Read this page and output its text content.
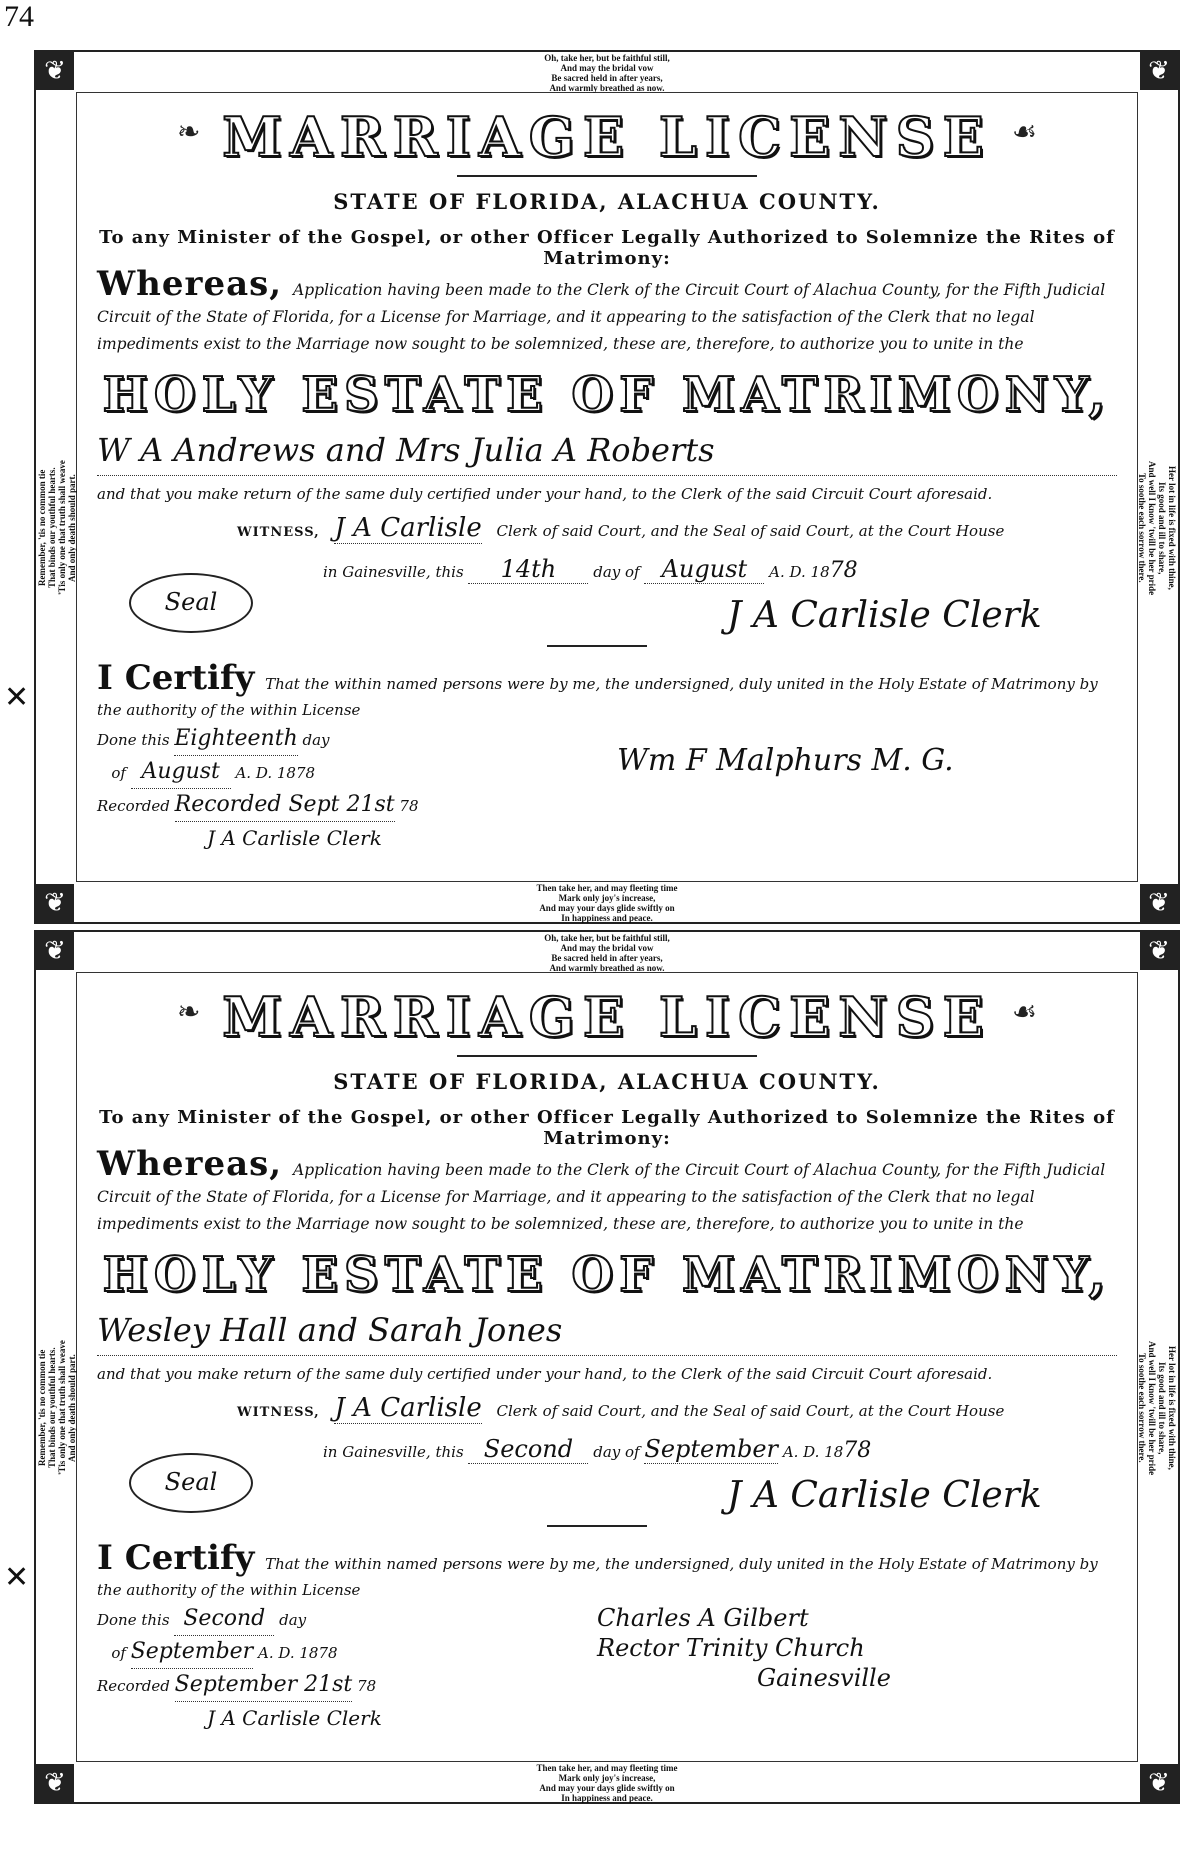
74
❦	❦
❦	❦
Oh, take her, but be faithful still,
And may the bridal vow
Be sacred held in after years,
And warmly breathed as now.
Then take her, and may fleeting time
Mark only joy's increase,
And may your days glide swiftly on
In happiness and peace.
Remember, 'tis no common tie
That binds our youthful hearts.
'Tis only one that truth shall weave
And only death should part.
Her lot in life is fixed with thine,
Its good and ill to share,
And well I know 'twill be her pride
To soothe each sorrow there.
❧	☙
MARRIAGE LICENSE
STATE OF FLORIDA, ALACHUA COUNTY.
To any Minister of the Gospel, or other Officer Legally Authorized to Solemnize the Rites of Matrimony:
Whereas, Application having been made to the Clerk of the Circuit Court of Alachua County, for the Fifth Judicial Circuit of the State of Florida, for a License for Marriage, and it appearing to the satisfaction of the Clerk that no legal impediments exist to the Marriage now sought to be solemnized, these are, therefore, to authorize you to unite in the
HOLY ESTATE OF MATRIMONY,
W A Andrews and Mrs Julia A Roberts
and that you make return of the same duly certified under your hand, to the Clerk of the said Circuit Court aforesaid.
WITNESS, J A Carlisle Clerk of said Court, and the Seal of said Court, at the Court House
in Gainesville, this 14th day of August A. D. 1878
Seal	J A Carlisle Clerk
I Certify That the within named persons were by me, the undersigned, duly united in the Holy Estate of Matrimony by the authority of the within License
Done this Eighteenth day
of August A. D. 1878
Recorded Recorded Sept 21st 78
J A Carlisle Clerk
Wm F Malphurs M. G.
✕
❦	❦
❦	❦
Oh, take her, but be faithful still,
And may the bridal vow
Be sacred held in after years,
And warmly breathed as now.
Then take her, and may fleeting time
Mark only joy's increase,
And may your days glide swiftly on
In happiness and peace.
Remember, 'tis no common tie
That binds our youthful hearts.
'Tis only one that truth shall weave
And only death should part.
Her lot in life is fixed with thine,
Its good and ill to share,
And well I know 'twill be her pride
To soothe each sorrow there.
❧	☙
MARRIAGE LICENSE
STATE OF FLORIDA, ALACHUA COUNTY.
To any Minister of the Gospel, or other Officer Legally Authorized to Solemnize the Rites of Matrimony:
Whereas, Application having been made to the Clerk of the Circuit Court of Alachua County, for the Fifth Judicial Circuit of the State of Florida, for a License for Marriage, and it appearing to the satisfaction of the Clerk that no legal impediments exist to the Marriage now sought to be solemnized, these are, therefore, to authorize you to unite in the
HOLY ESTATE OF MATRIMONY,
Wesley Hall and Sarah Jones
and that you make return of the same duly certified under your hand, to the Clerk of the said Circuit Court aforesaid.
WITNESS, J A Carlisle Clerk of said Court, and the Seal of said Court, at the Court House
in Gainesville, this Second day of September A. D. 1878
Seal	J A Carlisle Clerk
I Certify That the within named persons were by me, the undersigned, duly united in the Holy Estate of Matrimony by the authority of the within License
Done this Second day
of September A. D. 1878
Recorded September 21st 78
J A Carlisle Clerk
Charles A Gilbert
Rector Trinity Church
Gainesville
✕
